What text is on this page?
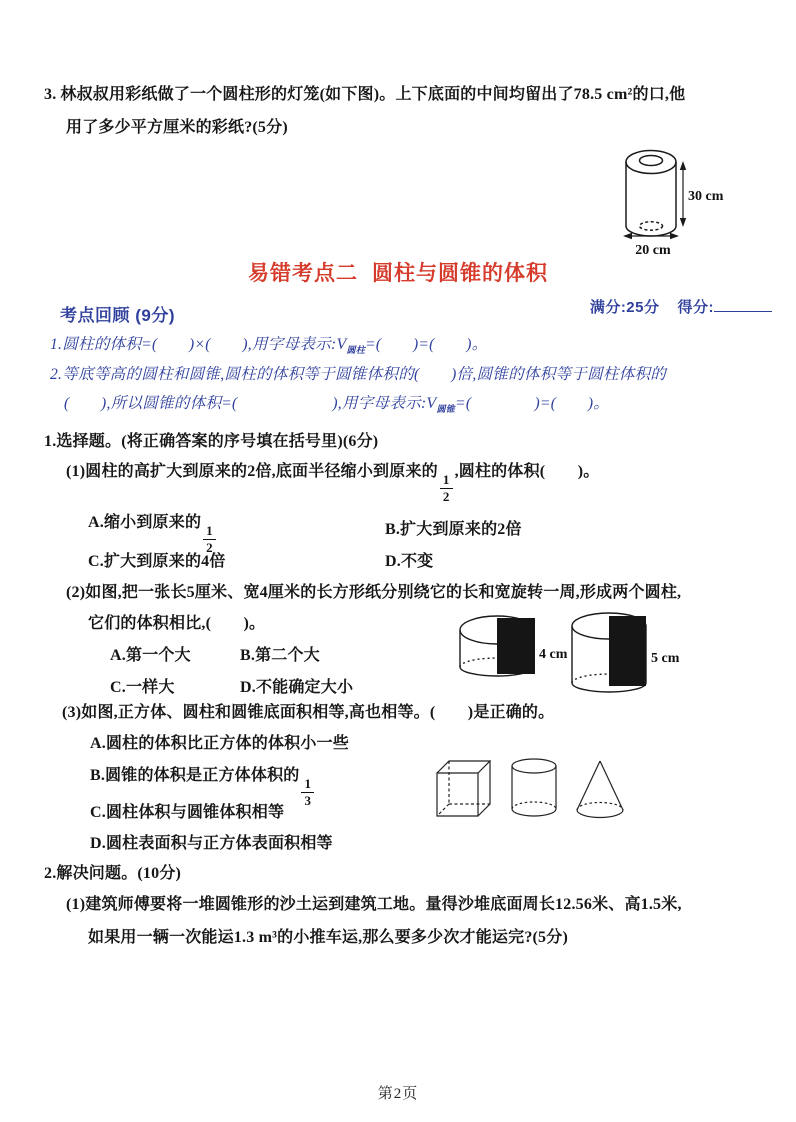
3. 林叔叔用彩纸做了一个圆柱形的灯笼(如下图)。上下底面的中间均留出了78.5 cm²的口,他
用了多少平方厘米的彩纸?(5分)
30 cm
20 cm
易错考点二 圆柱与圆锥的体积
满分:25分 得分:
考点回顾 (9分)
1.圆柱的体积=(　　)×(　　),用字母表示$:V_{圆柱}=$(　　)=(　　)。
2.等底等高的圆柱和圆锥,圆柱的体积等于圆锥体积的(　　)倍,圆锥的体积等于圆柱体积的
(　　),所以圆锥的体积=(　　　　　　),用字母表示$:V_{圆锥}=$(　　　　)=(　　)。
1.选择题。(将正确答案的序号填在括号里)(6分)
(1)圆柱的高扩大到原来的2倍,底面半径缩小到原来的
$\frac{1}{2}$
,圆柱的体积(　　)。
A.缩小到原来的
$\frac{1}{2}$	B.扩大到原来的2倍
C.扩大到原来的4倍	D.不变
(2)如图,把一张长5厘米、宽4厘米的长方形纸分别绕它的长和宽旋转一周,形成两个圆柱,
它们的体积相比,(　　)。
A.第一个大	B.第二个大
C.一样大	D.不能确定大小
4 cm	5 cm
(3)如图,正方体、圆柱和圆锥底面积相等,高也相等。(　　)是正确的。
A.圆柱的体积比正方体的体积小一些
B.圆锥的体积是正方体体积的
$\frac{1}{3}$
C.圆柱体积与圆锥体积相等
D.圆柱表面积与正方体表面积相等
2.解决问题。(10分)
(1)建筑师傅要将一堆圆锥形的沙土运到建筑工地。量得沙堆底面周长12.56米、高1.5米,
如果用一辆一次能运1.3 m³的小推车运,那么要多少次才能运完?(5分)
第2页
